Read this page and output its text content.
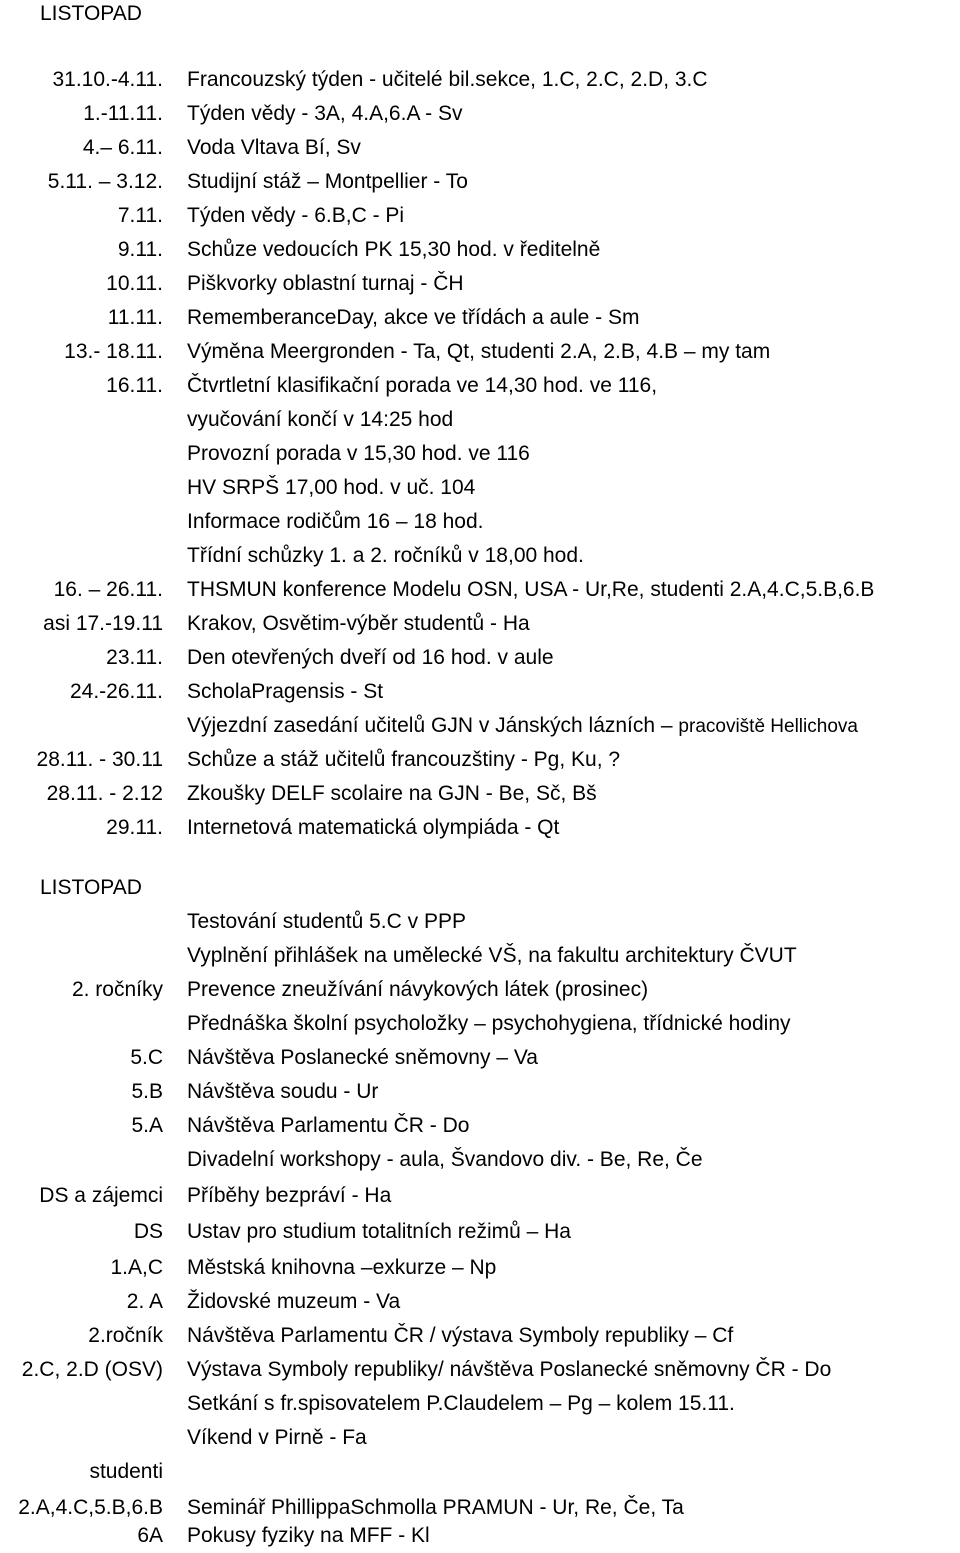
LISTOPAD
31.10.-4.11. Francouzský týden - učitelé bil.sekce, 1.C, 2.C, 2.D, 3.C
1.-11.11. Týden vědy - 3A, 4.A,6.A - Sv
4.– 6.11. Voda Vltava Bí, Sv
5.11. – 3.12. Studijní stáž – Montpellier - To
7.11. Týden vědy - 6.B,C - Pi
9.11. Schůze vedoucích PK 15,30 hod. v ředitelně
10.11. Piškvorky oblastní turnaj - ČH
11.11. RememberanceDay, akce ve třídách a aule - Sm
13.- 18.11. Výměna Meergronden - Ta, Qt, studenti 2.A, 2.B, 4.B – my tam
16.11. Čtvrtletní klasifikační porada ve 14,30 hod. ve 116,
vyučování končí v 14:25 hod
Provozní porada v 15,30 hod. ve 116
HV SRPŠ 17,00 hod. v uč. 104
Informace rodičům 16 – 18 hod.
Třídní schůzky 1. a 2. ročníků v 18,00 hod.
16. – 26.11. THSMUN konference Modelu OSN, USA - Ur,Re, studenti 2.A,4.C,5.B,6.B
asi 17.-19.11 Krakov, Osvětim-výběr studentů - Ha
23.11. Den otevřených dveří od 16 hod. v aule
24.-26.11. ScholaPragensis - St
Výjezdní zasedání učitelů GJN v Jánských lázních – pracoviště Hellichova
28.11. - 30.11 Schůze a stáž učitelů francouzštiny - Pg, Ku, ?
28.11. - 2.12 Zkoušky DELF scolaire na GJN - Be, Sč, Bš
29.11. Internetová matematická olympiáda - Qt
LISTOPAD
Testování studentů 5.C v PPP
Vyplnění přihlášek na umělecké VŠ, na fakultu architektury ČVUT
2. ročníky Prevence zneužívání návykových látek (prosinec)
Přednáška školní psycholožky – psychohygiena, třídnické hodiny
5.C Návštěva Poslanecké sněmovny – Va
5.B Návštěva soudu - Ur
5.A Návštěva Parlamentu ČR - Do
Divadelní workshopy - aula, Švandovo div. - Be, Re, Če
DS a zájemci Příběhy bezpráví - Ha
DS Ustav pro studium totalitních režimů – Ha
1.A,C Městská knihovna –exkurze – Np
2. A Židovské muzeum - Va
2.ročník Návštěva Parlamentu ČR / výstava Symboly republiky – Cf
2.C, 2.D (OSV) Výstava Symboly republiky/ návštěva Poslanecké sněmovny ČR - Do
Setkání s fr.spisovatelem P.Claudelem – Pg – kolem 15.11.
Víkend v Pirně - Fa
studenti
2.A,4.C,5.B,6.B Seminář PhillippaSchmolla PRAMUN - Ur, Re, Če, Ta
6A Pokusy fyziky na MFF - Kl
